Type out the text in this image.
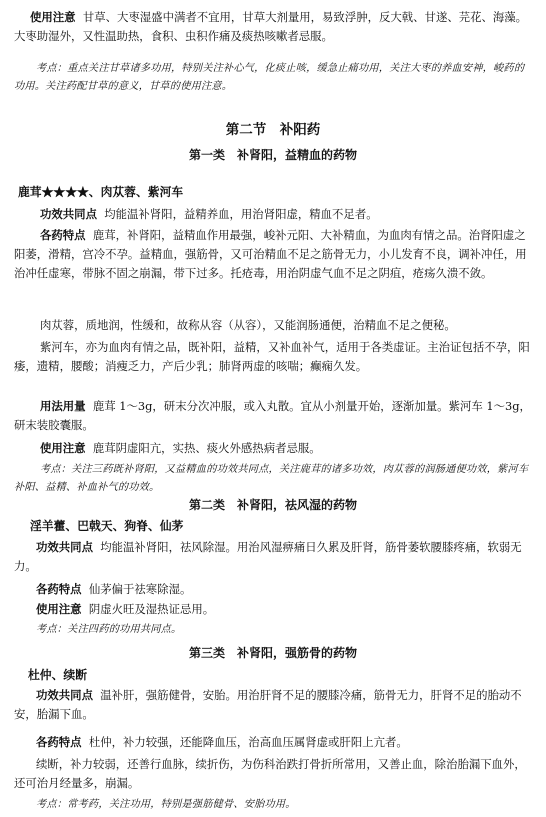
使用注意 甘草、大枣湿盛中满者不宜用，甘草大剂量用，易致浮肿，反大戟、甘遂、芫花、海藻。大枣助湿外，又性温助热，食积、虫积作痛及痰热咳嗽者忌服。
考点：重点关注甘草诸多功用，特别关注补心气，化痰止咳，缓急止痛功用，关注大枣的养血安神，峻药的功用。关注药配甘草的意义，甘草的使用注意。
第二节　补阳药
第一类　补肾阳，益精血的药物
鹿茸★★★★、肉苁蓉、紫河车
功效共同点 均能温补肾阳，益精养血，用治肾阳虚，精血不足者。
各药特点 鹿茸，补肾阳，益精血作用最强，峻补元阳、大补精血，为血肉有情之品。治肾阳虚之阳萎，滑精，宫冷不孕。益精血，强筋骨，又可治精血不足之筋骨无力，小儿发育不良，调补冲任，用治冲任虚寒，带脉不固之崩漏，带下过多。托疮毒，用治阴虚气血不足之阴疽，疮疡久溃不敛。
肉苁蓉，质地润，性缓和，故称从容（从容），又能润肠通便，治精血不足之便秘。
紫河车，亦为血肉有情之品，既补阳，益精，又补血补气，适用于各类虚证。主治证包括不孕，阳痿，遗精，腰酸；消瘦乏力，产后少乳；肺肾两虚的咳喘；癫痫久发。
用法用量 鹿茸 1～3g，研末分次冲服，或入丸散。宜从小剂量开始，逐渐加量。紫河车 1～3g，研末装胶囊服。
使用注意 鹿茸阴虚阳亢，实热、痰火外感热病者忌服。
考点：关注三药既补肾阳，又益精血的功效共同点，关注鹿茸的诸多功效，肉苁蓉的润肠通便功效，紫河车补阳、益精、补血补气的功效。
第二类　补肾阳，祛风湿的药物
淫羊藿、巴戟天、狗脊、仙茅
功效共同点 均能温补肾阳，祛风除湿。用治风湿痹痛日久累及肝肾，筋骨萎软腰膝疼痛，软弱无力。
各药特点 仙茅偏于祛寒除湿。
使用注意 阴虚火旺及湿热证忌用。
考点：关注四药的功用共同点。
第三类　补肾阳，强筋骨的药物
杜仲、续断
功效共同点 温补肝，强筋健骨，安胎。用治肝肾不足的腰膝冷痛，筋骨无力，肝肾不足的胎动不安，胎漏下血。
各药特点 杜仲，补力较强，还能降血压，治高血压属肾虚或肝阳上亢者。
续断，补力较弱，还善行血脉，续折伤，为伤科治跌打骨折所常用，又善止血，除治胎漏下血外，还可治月经量多，崩漏。
考点：常考药，关注功用，特别是强筋健骨、安胎功用。
